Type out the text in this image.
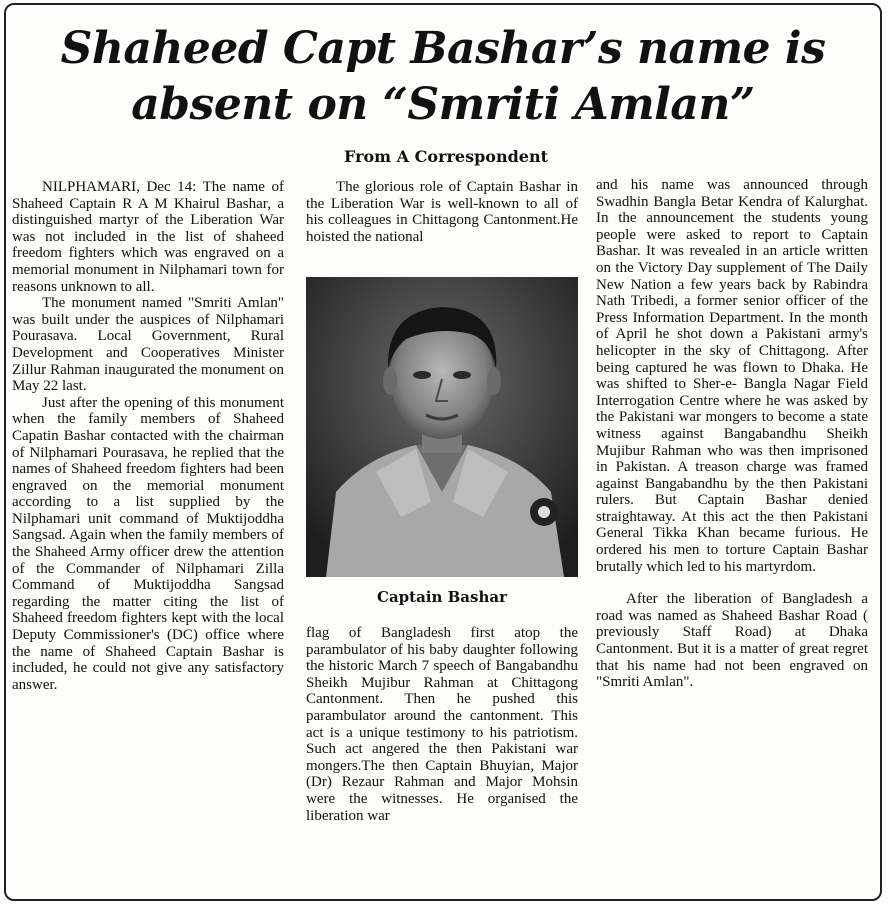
Shaheed Capt Bashar’s name is
absent on “Smriti Amlan”
From A Correspondent

NILPHAMARI, Dec 14: The name of Shaheed Captain R A M Khairul Bashar, a distinguished martyr of the Liberation War was not included in the list of shaheed freedom fighters which was engraved on a memorial monument in Nilphamari town for reasons unknown to all.

The monument named "Smriti Amlan" was built under the auspices of Nilphamari Pourasava. Local Government, Rural Development and Cooperatives Minister Zillur Rahman inaugurated the monument on May 22 last.

Just after the opening of this monument when the family members of Shaheed Capatin Bashar contacted with the chairman of Nilphamari Pourasava, he replied that the names of Shaheed freedom fighters had been engraved on the memorial monument according to a list supplied by the Nilphamari unit command of Muktijoddha Sangsad. Again when the family members of the Shaheed Army officer drew the attention of the Commander of Nilphamari Zilla Command of Muktijoddha Sangsad regarding the matter citing the list of Shaheed freedom fighters kept with the local Deputy Commissioner's (DC) office where the name of Shaheed Captain Bashar is included, he could not give any satisfactory answer.

The glorious role of Captain Bashar in the Liberation War is well-known to all of his colleagues in Chittagong Cantonment.He hoisted the national

Captain Bashar

flag of Bangladesh first atop the parambulator of his baby daughter following the historic March 7 speech of Bangabandhu Sheikh Mujibur Rahman at Chittagong Cantonment. Then he pushed this parambulator around the cantonment. This act is a unique testimony to his patriotism. Such act angered the then Pakistani war mongers.The then Captain Bhuyian, Major (Dr) Rezaur Rahman and Major Mohsin were the witnesses. He organised the liberation war

and his name was announced through Swadhin Bangla Betar Kendra of Kalurghat. In the announcement the students young people were asked to report to Captain Bashar. It was revealed in an article written on the Victory Day supplement of The Daily New Nation a few years back by Rabindra Nath Tribedi, a former senior officer of the Press Information Department. In the month of April he shot down a Pakistani army's helicopter in the sky of Chittagong. After being captured he was flown to Dhaka. He was shifted to Sher-e- Bangla Nagar Field Interrogation Centre where he was asked by the Pakistani war mongers to become a state witness against Bangabandhu Sheikh Mujibur Rahman who was then imprisoned in Pakistan. A treason charge was framed against Bangabandhu by the then Pakistani rulers. But Captain Bashar denied straightaway. At this act the then Pakistani General Tikka Khan became furious. He ordered his men to torture Captain Bashar brutally which led to his martyrdom.

After the liberation of Bangladesh a road was named as Shaheed Bashar Road ( previously Staff Road) at Dhaka Cantonment. But it is a matter of great regret that his name had not been engraved on "Smriti Amlan".
